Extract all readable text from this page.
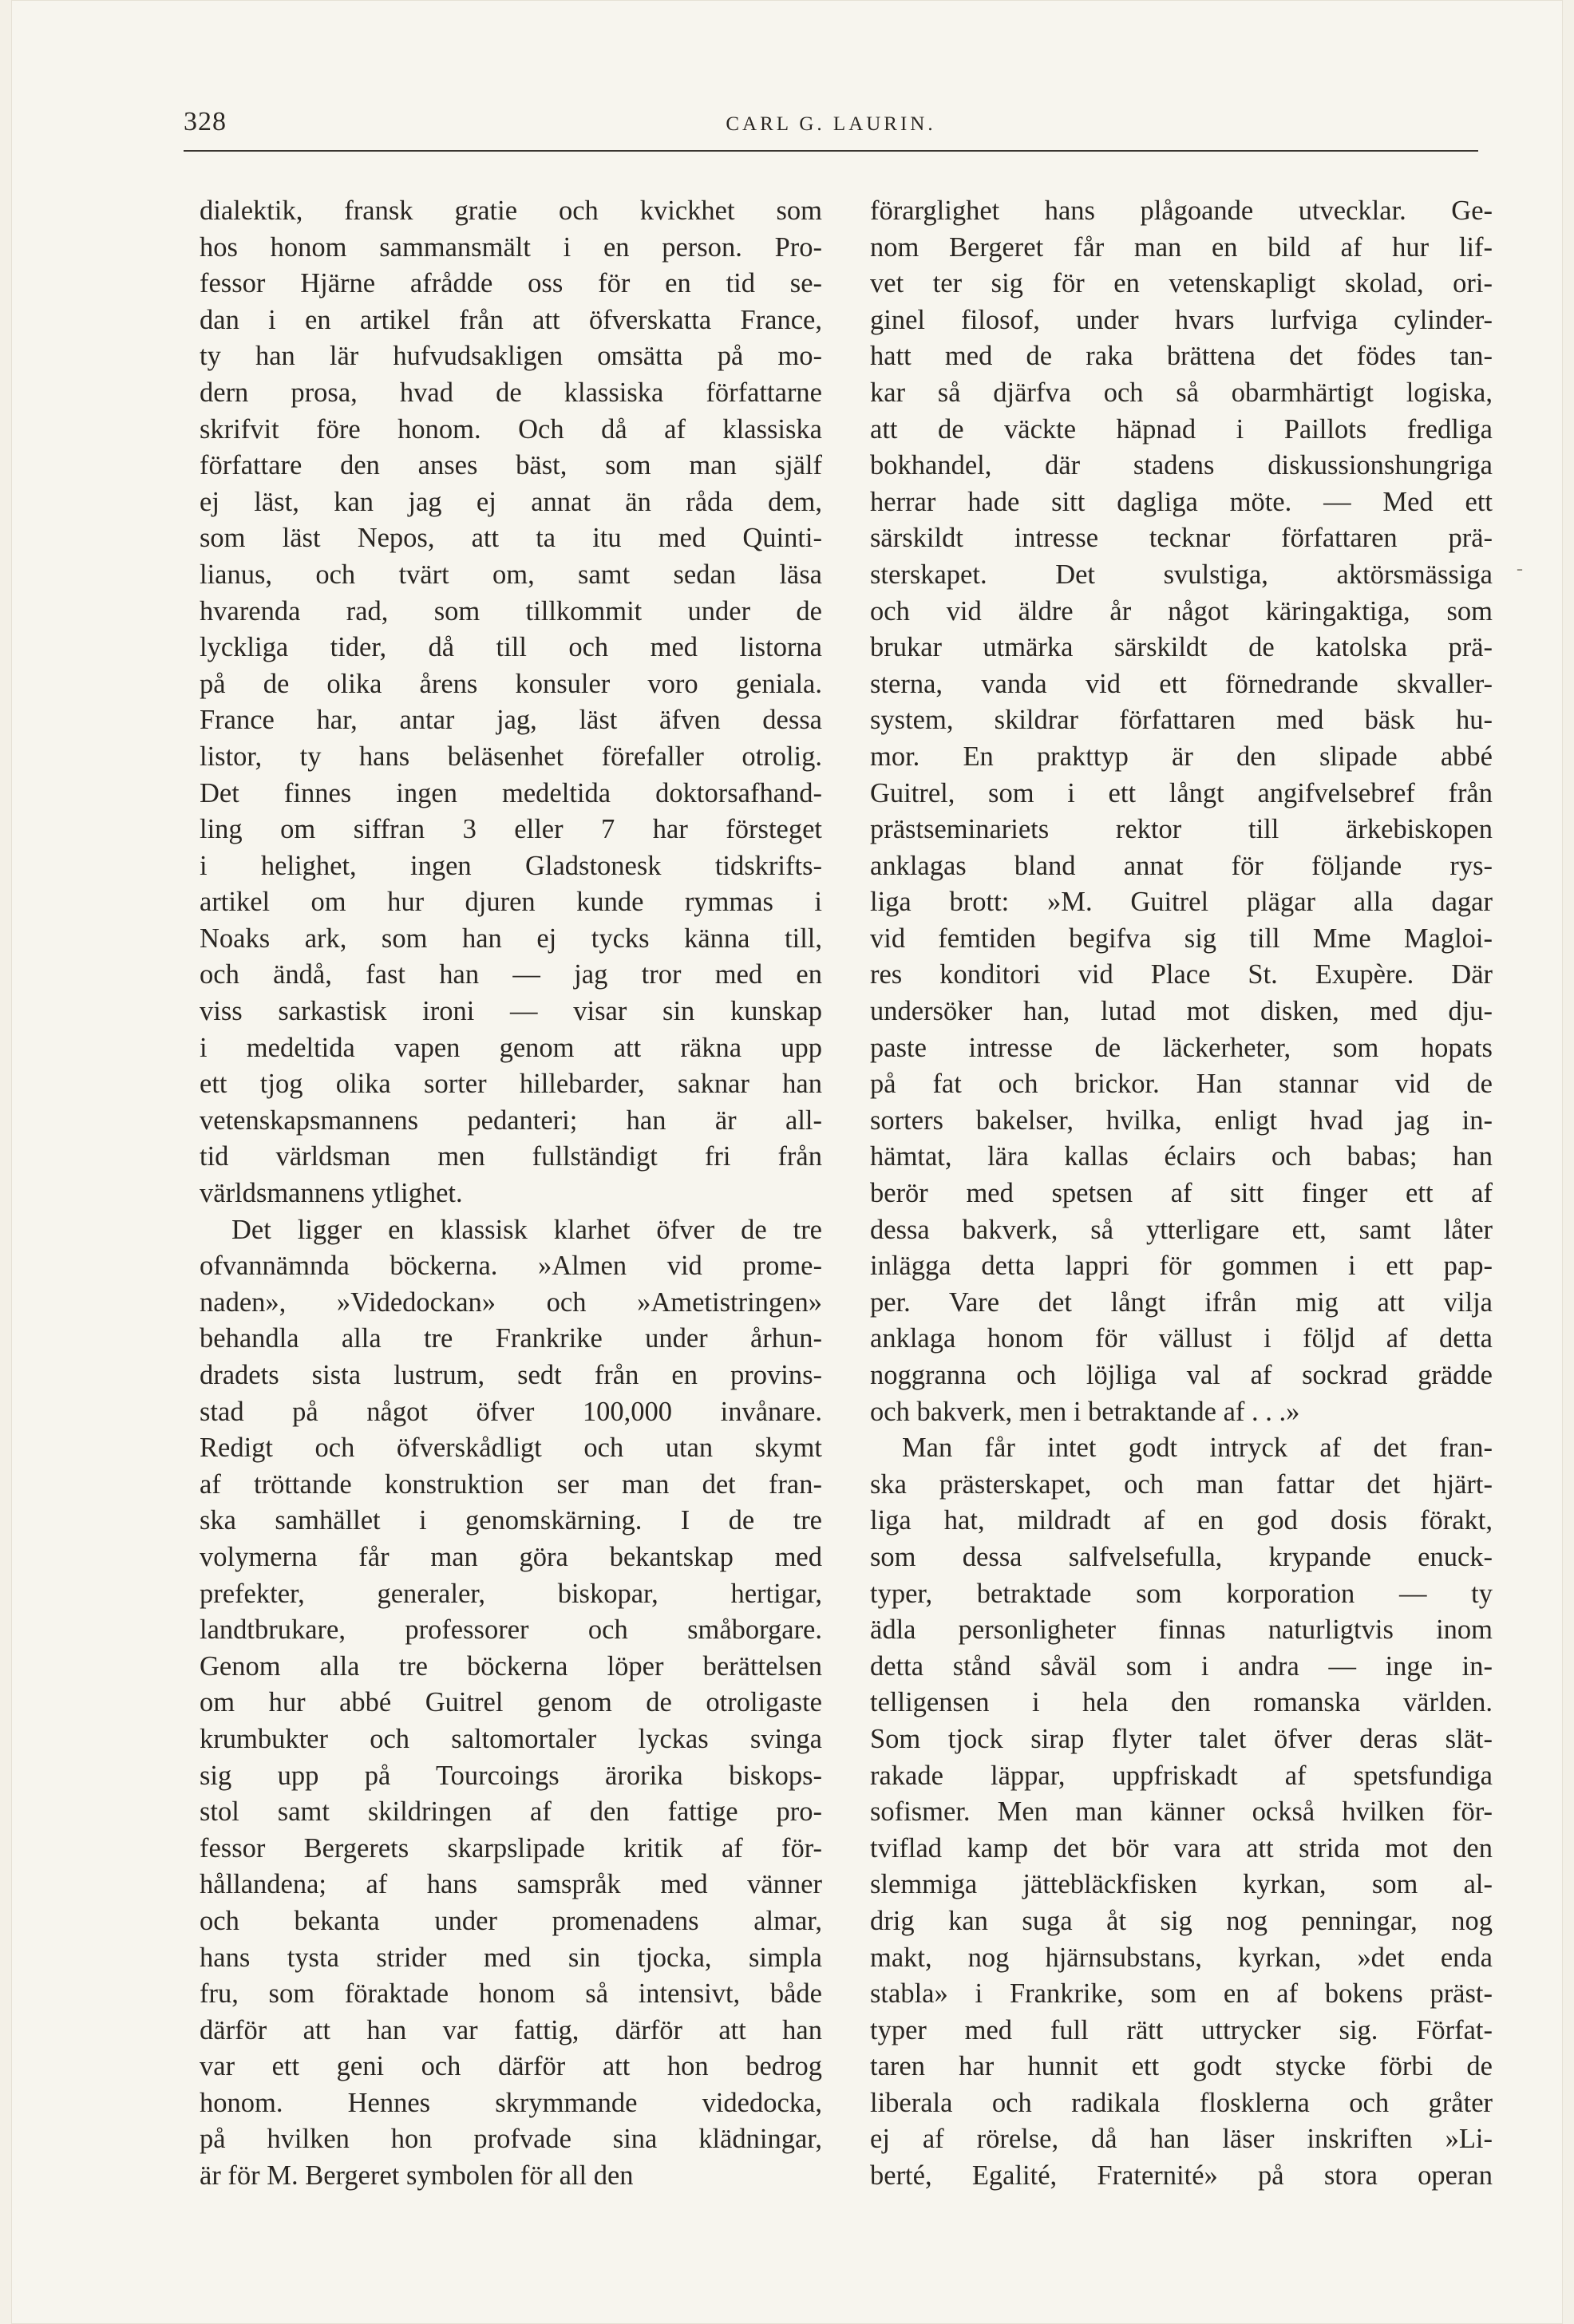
328	CARL G. LAURIN.
dialektik, fransk gratie och kvickhet som
hos honom sammansmält i en person. Pro-
fessor Hjärne afrådde oss för en tid se-
dan i en artikel från att öfverskatta France,
ty han lär hufvudsakligen omsätta på mo-
dern prosa, hvad de klassiska författarne
skrifvit före honom. Och då af klassiska
författare den anses bäst, som man själf
ej läst, kan jag ej annat än råda dem,
som läst Nepos, att ta itu med Quinti-
lianus, och tvärt om, samt sedan läsa
hvarenda rad, som tillkommit under de
lyckliga tider, då till och med listorna
på de olika årens konsuler voro geniala.
France har, antar jag, läst äfven dessa
listor, ty hans beläsenhet förefaller otrolig.
Det finnes ingen medeltida doktorsafhand-
ling om siffran 3 eller 7 har försteget
i helighet, ingen Gladstonesk tidskrifts-
artikel om hur djuren kunde rymmas i
Noaks ark, som han ej tycks känna till,
och ändå, fast han — jag tror med en
viss sarkastisk ironi — visar sin kunskap
i medeltida vapen genom att räkna upp
ett tjog olika sorter hillebarder, saknar han
vetenskapsmannens pedanteri; han är all-
tid världsman men fullständigt fri från
världsmannens ytlighet.
Det ligger en klassisk klarhet öfver de tre
ofvannämnda böckerna. »Almen vid prome-
naden», »Videdockan» och »Ametistringen»
behandla alla tre Frankrike under århun-
dradets sista lustrum, sedt från en provins-
stad på något öfver 100,000 invånare.
Redigt och öfverskådligt och utan skymt
af tröttande konstruktion ser man det fran-
ska samhället i genomskärning. I de tre
volymerna får man göra bekantskap med
prefekter, generaler, biskopar, hertigar,
landtbrukare, professorer och småborgare.
Genom alla tre böckerna löper berättelsen
om hur abbé Guitrel genom de otroligaste
krumbukter och saltomortaler lyckas svinga
sig upp på Tourcoings ärorika biskops-
stol samt skildringen af den fattige pro-
fessor Bergerets skarpslipade kritik af för-
hållandena; af hans samspråk med vänner
och bekanta under promenadens almar,
hans tysta strider med sin tjocka, simpla
fru, som föraktade honom så intensivt, både
därför att han var fattig, därför att han
var ett geni och därför att hon bedrog
honom. Hennes skrymmande videdocka,
på hvilken hon profvade sina klädningar,
är för M. Bergeret symbolen för all den
förarglighet hans plågoande utvecklar. Ge-
nom Bergeret får man en bild af hur lif-
vet ter sig för en vetenskapligt skolad, ori-
ginel filosof, under hvars lurfviga cylinder-
hatt med de raka brättena det födes tan-
kar så djärfva och så obarmhärtigt logiska,
att de väckte häpnad i Paillots fredliga
bokhandel, där stadens diskussionshungriga
herrar hade sitt dagliga möte. — Med ett
särskildt intresse tecknar författaren prä-
sterskapet. Det svulstiga, aktörsmässiga
och vid äldre år något käringaktiga, som
brukar utmärka särskildt de katolska prä-
sterna, vanda vid ett förnedrande skvaller-
system, skildrar författaren med bäsk hu-
mor. En prakttyp är den slipade abbé
Guitrel, som i ett långt angifvelsebref från
prästseminariets rektor till ärkebiskopen
anklagas bland annat för följande rys-
liga brott: »M. Guitrel plägar alla dagar
vid femtiden begifva sig till Mme Magloi-
res konditori vid Place St. Exupère. Där
undersöker han, lutad mot disken, med dju-
paste intresse de läckerheter, som hopats
på fat och brickor. Han stannar vid de
sorters bakelser, hvilka, enligt hvad jag in-
hämtat, lära kallas éclairs och babas; han
berör med spetsen af sitt finger ett af
dessa bakverk, så ytterligare ett, samt låter
inlägga detta lappri för gommen i ett pap-
per. Vare det långt ifrån mig att vilja
anklaga honom för vällust i följd af detta
noggranna och löjliga val af sockrad grädde
och bakverk, men i betraktande af . . .»
Man får intet godt intryck af det fran-
ska prästerskapet, och man fattar det hjärt-
liga hat, mildradt af en god dosis förakt,
som dessa salfvelsefulla, krypande enuck-
typer, betraktade som korporation — ty
ädla personligheter finnas naturligtvis inom
detta stånd såväl som i andra — inge in-
telligensen i hela den romanska världen.
Som tjock sirap flyter talet öfver deras slät-
rakade läppar, uppfriskadt af spetsfundiga
sofismer. Men man känner också hvilken för-
tviflad kamp det bör vara att strida mot den
slemmiga jättebläckfisken kyrkan, som al-
drig kan suga åt sig nog penningar, nog
makt, nog hjärnsubstans, kyrkan, »det enda
stabla» i Frankrike, som en af bokens präst-
typer med full rätt uttrycker sig. Förfat-
taren har hunnit ett godt stycke förbi de
liberala och radikala flosklerna och gråter
ej af rörelse, då han läser inskriften »Li-
berté, Egalité, Fraternité» på stora operan
-
